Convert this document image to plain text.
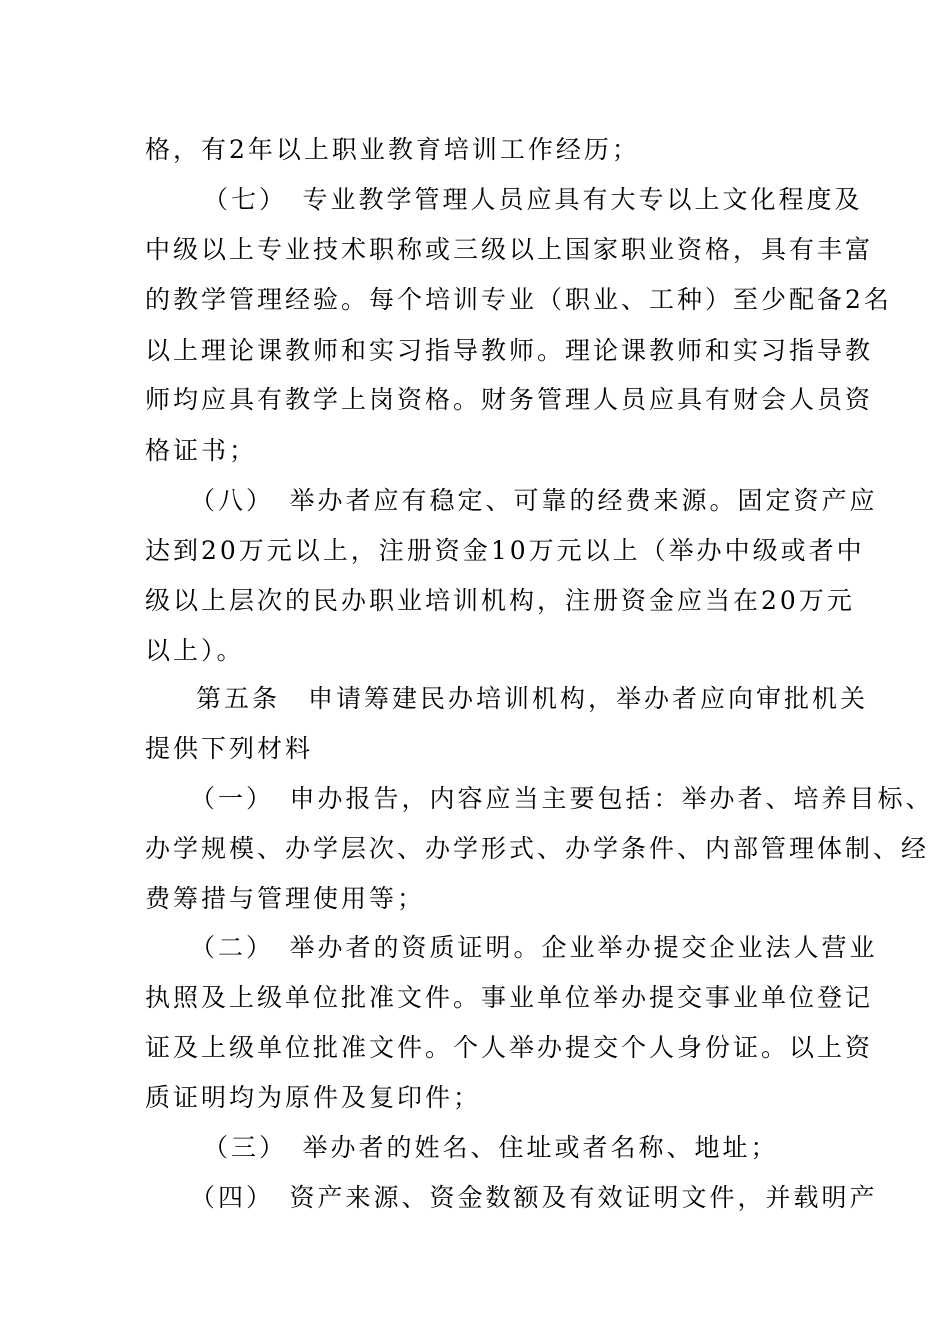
格，有2年以上职业教育培训工作经历；
（七）　专业教学管理人员应具有大专以上文化程度及
中级以上专业技术职称或三级以上国家职业资格，具有丰富
的教学管理经验。每个培训专业（职业、工种）至少配备2名
以上理论课教师和实习指导教师。理论课教师和实习指导教
师均应具有教学上岗资格。财务管理人员应具有财会人员资
格证书；
（八）　举办者应有稳定、可靠的经费来源。固定资产应
达到20万元以上，注册资金10万元以上（举办中级或者中
级以上层次的民办职业培训机构，注册资金应当在20万元
以上）。
第五条　申请筹建民办培训机构，举办者应向审批机关
提供下列材料
（一）　申办报告，内容应当主要包括：举办者、培养目标、
办学规模、办学层次、办学形式、办学条件、内部管理体制、经
费筹措与管理使用等；
（二）　举办者的资质证明。企业举办提交企业法人营业
执照及上级单位批准文件。事业单位举办提交事业单位登记
证及上级单位批准文件。个人举办提交个人身份证。以上资
质证明均为原件及复印件；
（三）　举办者的姓名、住址或者名称、地址；
（四）　资产来源、资金数额及有效证明文件，并载明产
